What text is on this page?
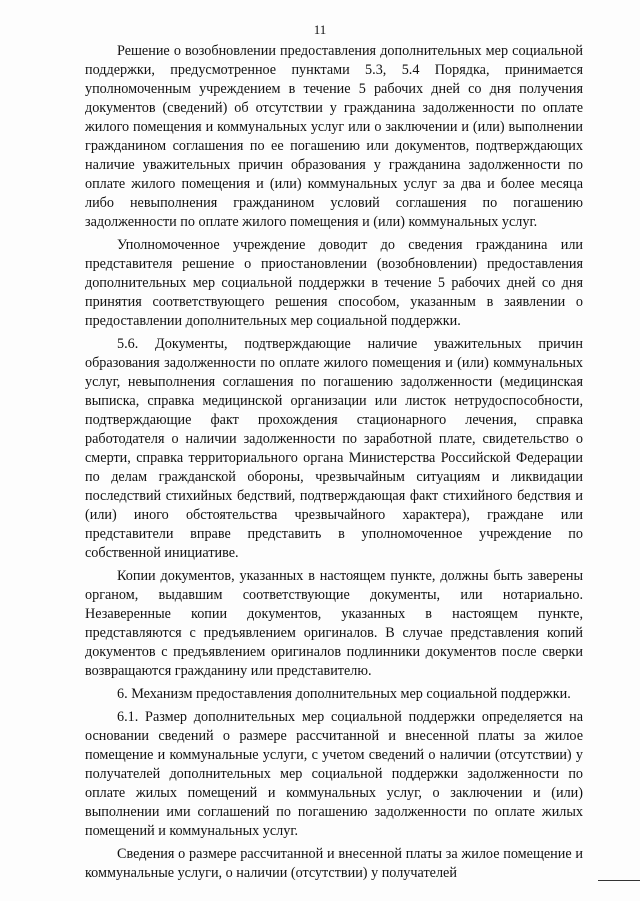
11

Решение о возобновлении предоставления дополнительных мер социальной поддержки, предусмотренное пунктами 5.3, 5.4 Порядка, принимается уполномоченным учреждением в течение 5 рабочих дней со дня получения документов (сведений) об отсутствии у гражданина задолженности по оплате жилого помещения и коммунальных услуг или о заключении и (или) выполнении гражданином соглашения по ее погашению или документов, подтверждающих наличие уважительных причин образования у гражданина задолженности по оплате жилого помещения и (или) коммунальных услуг за два и более месяца либо невыполнения гражданином условий соглашения по погашению задолженности по оплате жилого помещения и (или) коммунальных услуг.

Уполномоченное учреждение доводит до сведения гражданина или представителя решение о приостановлении (возобновлении) предоставления дополнительных мер социальной поддержки в течение 5 рабочих дней со дня принятия соответствующего решения способом, указанным в заявлении о предоставлении дополнительных мер социальной поддержки.

5.6. Документы, подтверждающие наличие уважительных причин образования задолженности по оплате жилого помещения и (или) коммунальных услуг, невыполнения соглашения по погашению задолженности (медицинская выписка, справка медицинской организации или листок нетрудоспособности, подтверждающие факт прохождения стационарного лечения, справка работодателя о наличии задолженности по заработной плате, свидетельство о смерти, справка территориального органа Министерства Российской Федерации по делам гражданской обороны, чрезвычайным ситуациям и ликвидации последствий стихийных бедствий, подтверждающая факт стихийного бедствия и (или) иного обстоятельства чрезвычайного характера), граждане или представители вправе представить в уполномоченное учреждение по собственной инициативе.

Копии документов, указанных в настоящем пункте, должны быть заверены органом, выдавшим соответствующие документы, или нотариально. Незаверенные копии документов, указанных в настоящем пункте, представляются с предъявлением оригиналов. В случае представления копий документов с предъявлением оригиналов подлинники документов после сверки возвращаются гражданину или представителю.

6. Механизм предоставления дополнительных мер социальной поддержки.

6.1. Размер дополнительных мер социальной поддержки определяется на основании сведений о размере рассчитанной и внесенной платы за жилое помещение и коммунальные услуги, с учетом сведений о наличии (отсутствии) у получателей дополнительных мер социальной поддержки задолженности по оплате жилых помещений и коммунальных услуг, о заключении и (или) выполнении ими соглашений по погашению задолженности по оплате жилых помещений и коммунальных услуг.

Сведения о размере рассчитанной и внесенной платы за жилое помещение и коммунальные услуги, о наличии (отсутствии) у получателей
